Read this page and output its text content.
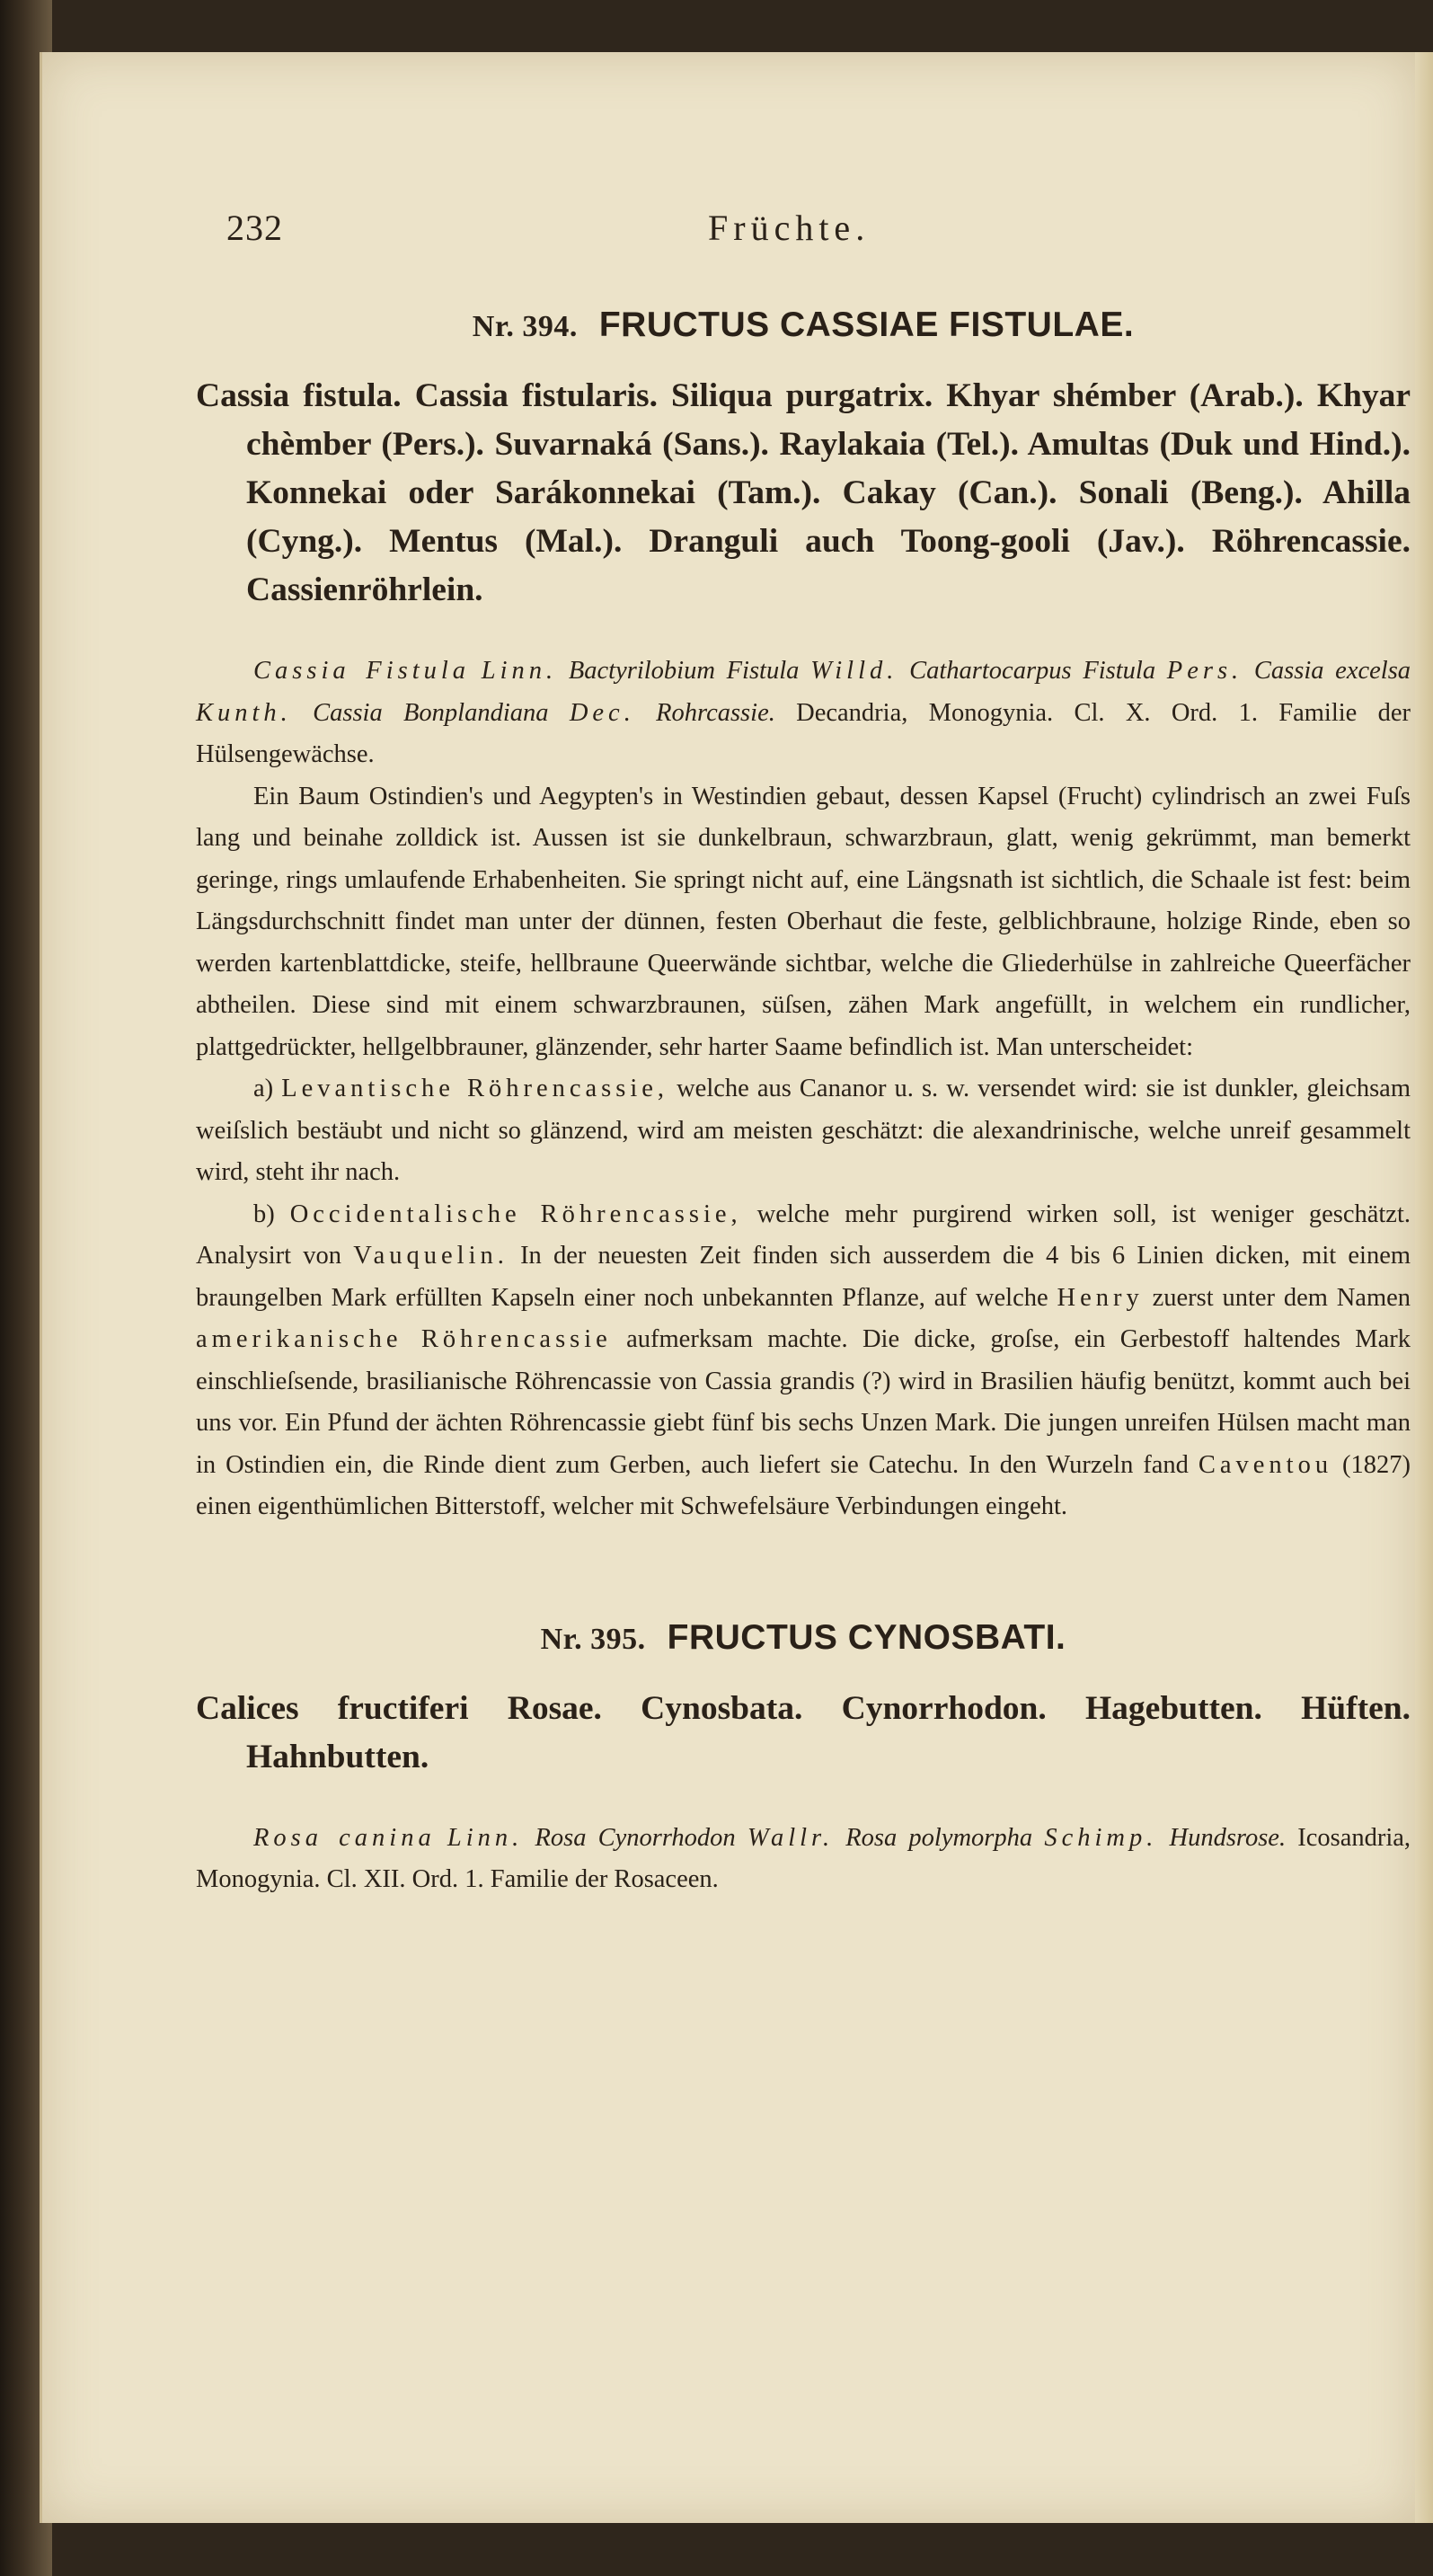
232	Früchte.
Nr. 394. FRUCTUS CASSIAE FISTULAE.

Cassia fistula. Cassia fistularis. Siliqua purgatrix. Khyar shémber (Arab.). Khyar chèmber (Pers.). Suvarnaká (Sans.). Raylakaia (Tel.). Amultas (Duk und Hind.). Konnekai oder Sarákonnekai (Tam.). Cakay (Can.). Sonali (Beng.). Ahilla (Cyng.). Mentus (Mal.). Dranguli auch Toong-gooli (Jav.). Röhrencassie. Cassienröhrlein.

Cassia Fistula Linn. Bactyrilobium Fistula Willd. Cathartocarpus Fistula Pers. Cassia excelsa Kunth. Cassia Bonplandiana Dec. Rohrcassie. Decandria, Monogynia. Cl. X. Ord. 1. Familie der Hülsengewächse.

Ein Baum Ostindien's und Aegypten's in Westindien gebaut, dessen Kapsel (Frucht) cylindrisch an zwei Fuſs lang und beinahe zolldick ist. Aussen ist sie dunkelbraun, schwarzbraun, glatt, wenig gekrümmt, man bemerkt geringe, rings umlaufende Erhabenheiten. Sie springt nicht auf, eine Längsnath ist sichtlich, die Schaale ist fest: beim Längsdurchschnitt findet man unter der dünnen, festen Oberhaut die feste, gelblichbraune, holzige Rinde, eben so werden kartenblattdicke, steife, hellbraune Queerwände sichtbar, welche die Gliederhülse in zahlreiche Queerfächer abtheilen. Diese sind mit einem schwarzbraunen, süſsen, zähen Mark angefüllt, in welchem ein rundlicher, plattgedrückter, hellgelbbrauner, glänzender, sehr harter Saame befindlich ist. Man unterscheidet:

a) Levantische Röhrencassie, welche aus Cananor u. s. w. versendet wird: sie ist dunkler, gleichsam weiſslich bestäubt und nicht so glänzend, wird am meisten geschätzt: die alexandrinische, welche unreif gesammelt wird, steht ihr nach.

b) Occidentalische Röhrencassie, welche mehr purgirend wirken soll, ist weniger geschätzt. Analysirt von Vauquelin. In der neuesten Zeit finden sich ausserdem die 4 bis 6 Linien dicken, mit einem braungelben Mark erfüllten Kapseln einer noch unbekannten Pflanze, auf welche Henry zuerst unter dem Namen amerikanische Röhrencassie aufmerksam machte. Die dicke, groſse, ein Gerbestoff haltendes Mark einschlieſsende, brasilianische Röhrencassie von Cassia grandis (?) wird in Brasilien häufig benützt, kommt auch bei uns vor. Ein Pfund der ächten Röhrencassie giebt fünf bis sechs Unzen Mark. Die jungen unreifen Hülsen macht man in Ostindien ein, die Rinde dient zum Gerben, auch liefert sie Catechu. In den Wurzeln fand Caventou (1827) einen eigenthümlichen Bitterstoff, welcher mit Schwefelsäure Verbindungen eingeht.

Nr. 395. FRUCTUS CYNOSBATI.

Calices fructiferi Rosae. Cynosbata. Cynorrhodon. Hagebutten. Hüften. Hahnbutten.

Rosa canina Linn. Rosa Cynorrhodon Wallr. Rosa polymorpha Schimp. Hundsrose. Icosandria, Monogynia. Cl. XII. Ord. 1. Familie der Rosaceen.
